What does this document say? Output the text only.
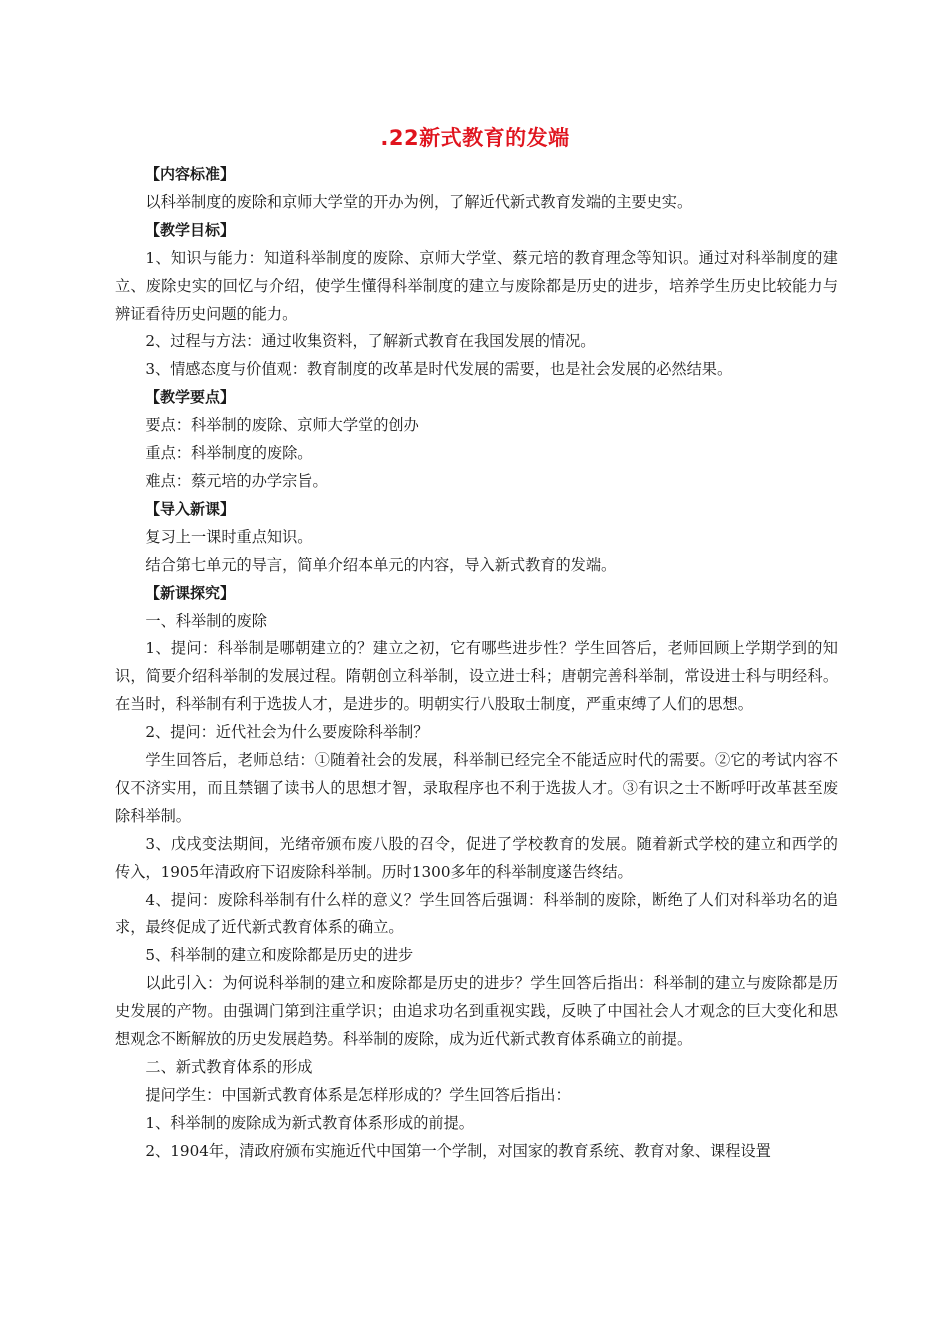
.22新式教育的发端

【内容标准】

以科举制度的废除和京师大学堂的开办为例，了解近代新式教育发端的主要史实。

【教学目标】

1、知识与能力：知道科举制度的废除、京师大学堂、蔡元培的教育理念等知识。通过对科举制度的建立、废除史实的回忆与介绍，使学生懂得科举制度的建立与废除都是历史的进步，培养学生历史比较能力与辨证看待历史问题的能力。

2、过程与方法：通过收集资料，了解新式教育在我国发展的情况。

3、情感态度与价值观：教育制度的改革是时代发展的需要，也是社会发展的必然结果。

【教学要点】

要点：科举制的废除、京师大学堂的创办

重点：科举制度的废除。

难点：蔡元培的办学宗旨。

【导入新课】

复习上一课时重点知识。

结合第七单元的导言，简单介绍本单元的内容，导入新式教育的发端。

【新课探究】

一、科举制的废除

1、提问：科举制是哪朝建立的？建立之初，它有哪些进步性？学生回答后，老师回顾上学期学到的知识，简要介绍科举制的发展过程。隋朝创立科举制，设立进士科；唐朝完善科举制，常设进士科与明经科。在当时，科举制有利于选拔人才，是进步的。明朝实行八股取士制度，严重束缚了人们的思想。

2、提问：近代社会为什么要废除科举制？

学生回答后，老师总结：①随着社会的发展，科举制已经完全不能适应时代的需要。②它的考试内容不仅不济实用，而且禁锢了读书人的思想才智，录取程序也不利于选拔人才。③有识之士不断呼吁改革甚至废除科举制。

3、戊戌变法期间，光绪帝颁布废八股的召令，促进了学校教育的发展。随着新式学校的建立和西学的传入，1905年清政府下诏废除科举制。历时1300多年的科举制度遂告终结。

4、提问：废除科举制有什么样的意义？学生回答后强调：科举制的废除，断绝了人们对科举功名的追求，最终促成了近代新式教育体系的确立。

5、科举制的建立和废除都是历史的进步

以此引入：为何说科举制的建立和废除都是历史的进步？学生回答后指出：科举制的建立与废除都是历史发展的产物。由强调门第到注重学识；由追求功名到重视实践，反映了中国社会人才观念的巨大变化和思想观念不断解放的历史发展趋势。科举制的废除，成为近代新式教育体系确立的前提。

二、新式教育体系的形成

提问学生：中国新式教育体系是怎样形成的？学生回答后指出：

1、科举制的废除成为新式教育体系形成的前提。

2、1904年，清政府颁布实施近代中国第一个学制，对国家的教育系统、教育对象、课程设置
